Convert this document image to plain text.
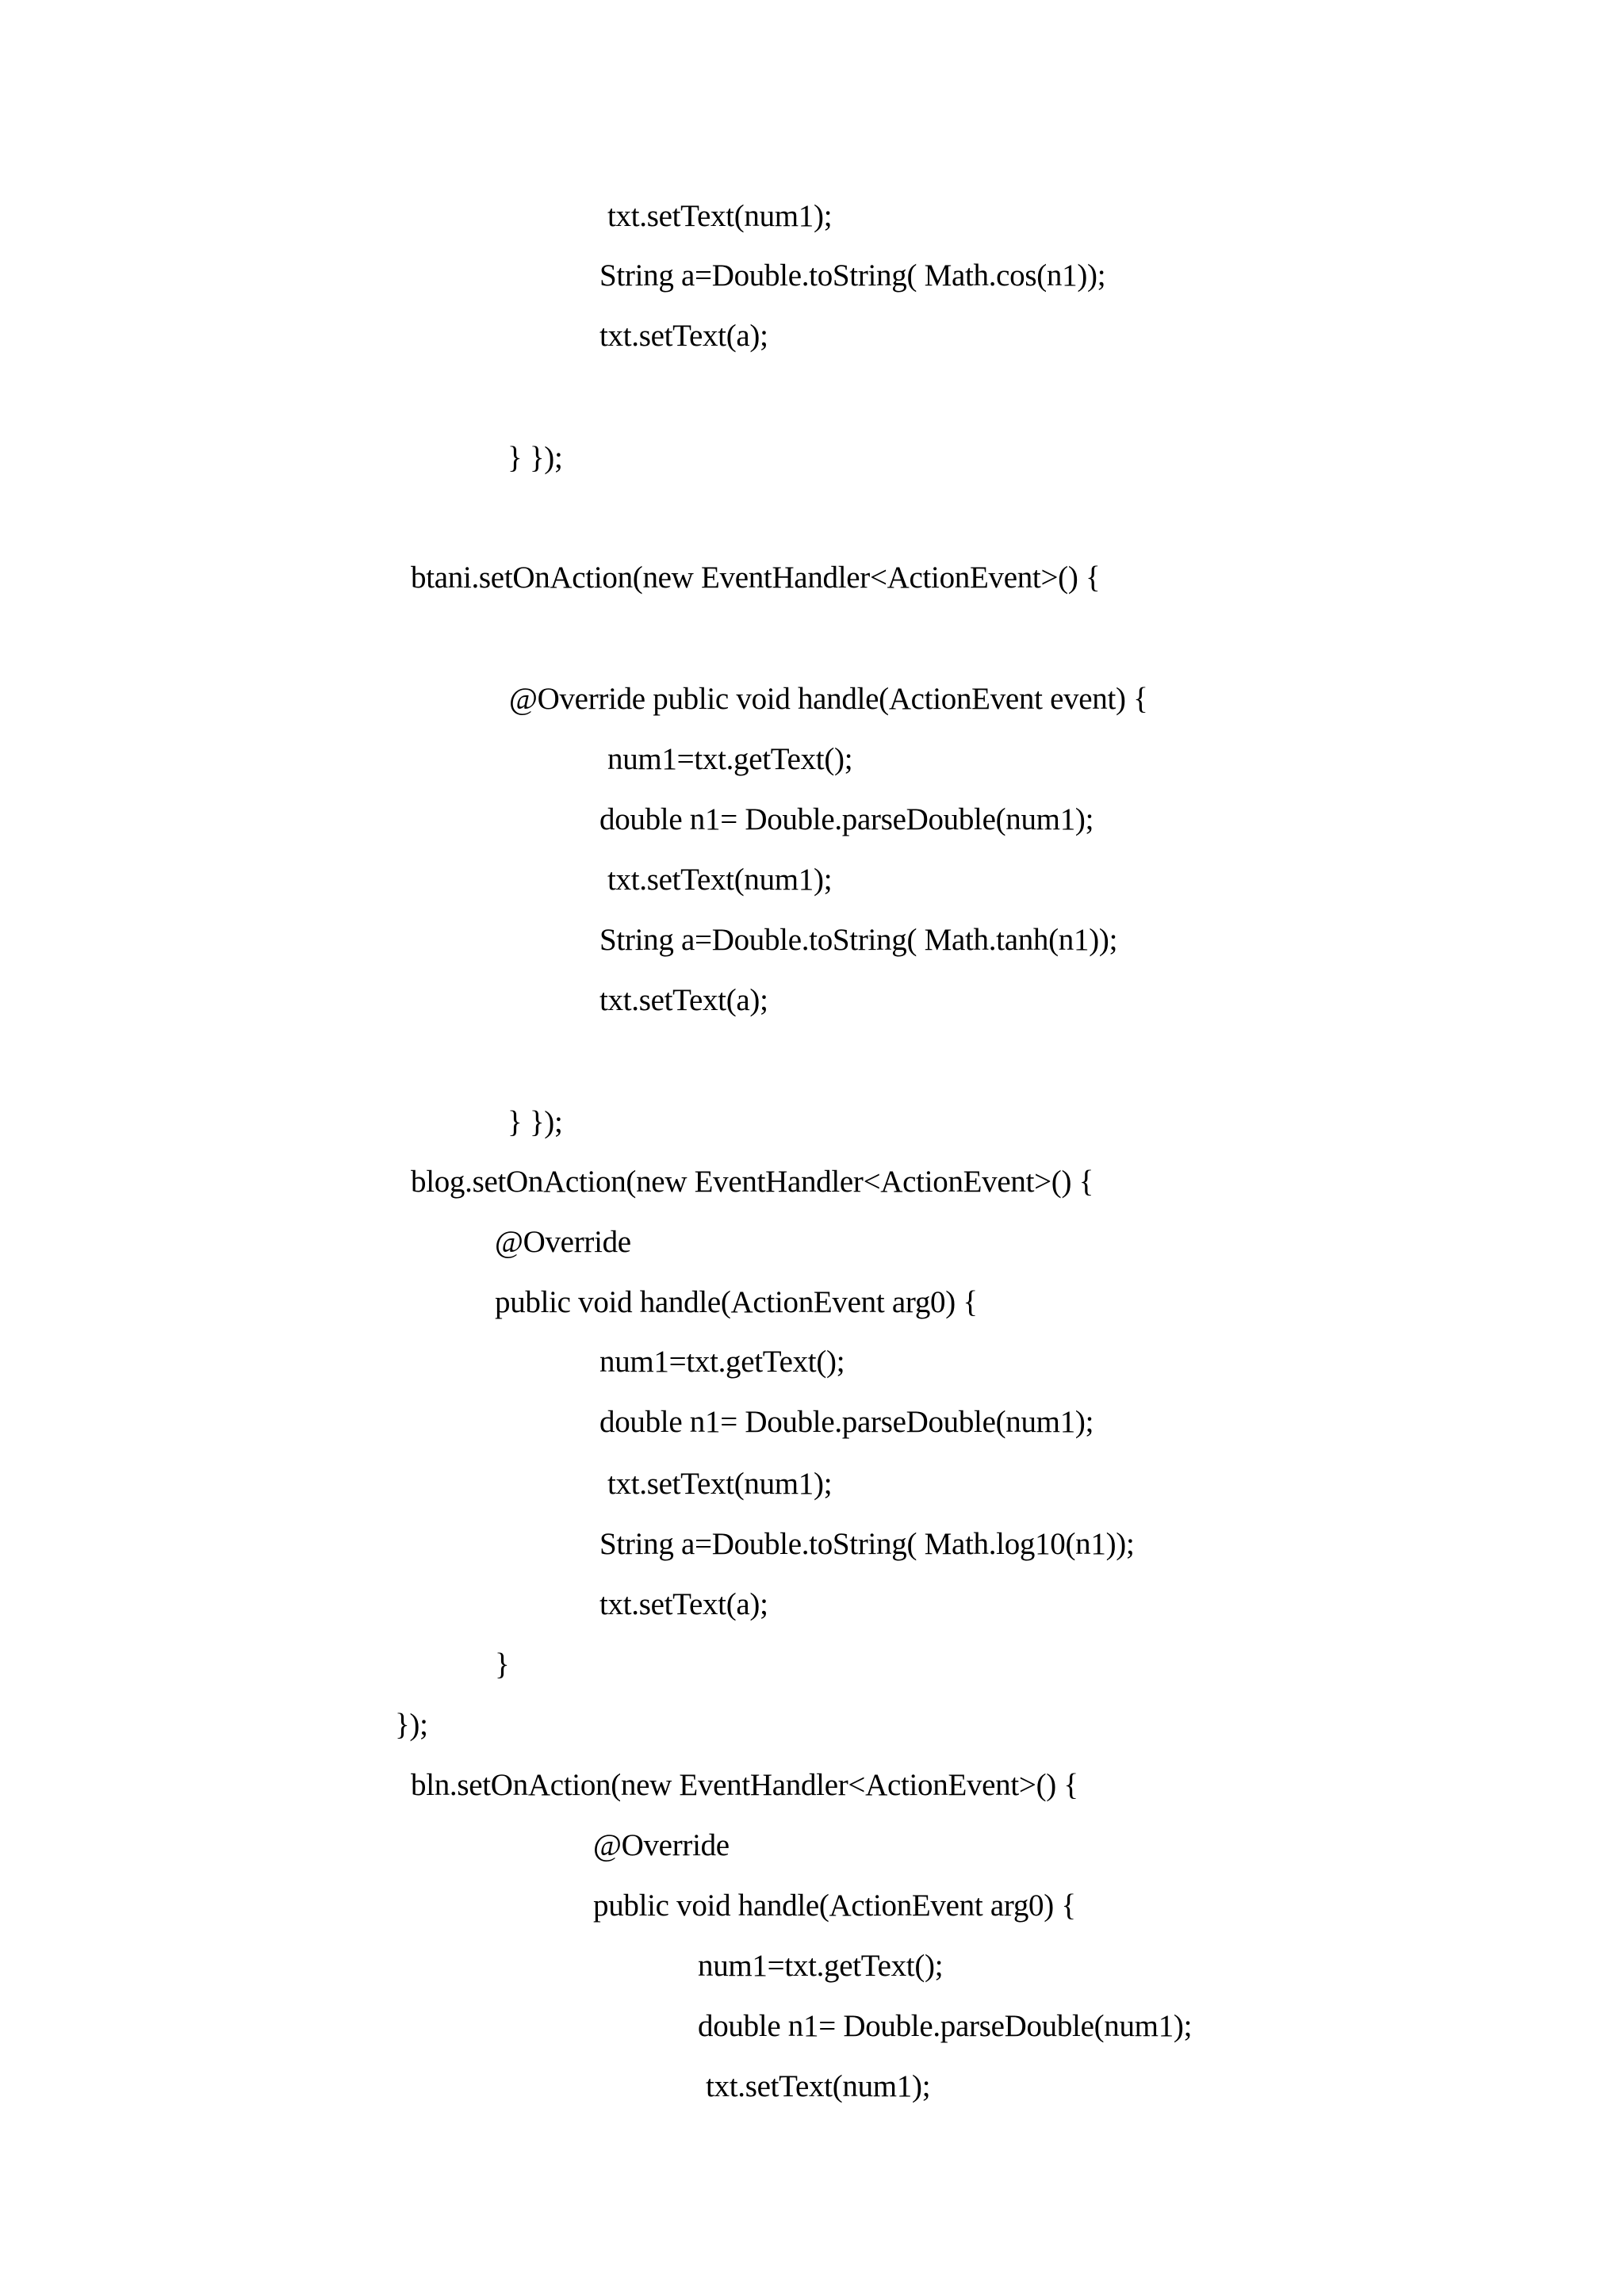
txt.setText(num1);
String a=Double.toString( Math.cos(n1));
txt.setText(a);
} });
btani.setOnAction(new EventHandler<ActionEvent>() {
@Override public void handle(ActionEvent event) {
num1=txt.getText();
double n1= Double.parseDouble(num1);
txt.setText(num1);
String a=Double.toString( Math.tanh(n1));
txt.setText(a);
} });
blog.setOnAction(new EventHandler<ActionEvent>() {
@Override
public void handle(ActionEvent arg0) {
num1=txt.getText();
double n1= Double.parseDouble(num1);
txt.setText(num1);
String a=Double.toString( Math.log10(n1));
txt.setText(a);
}
});
bln.setOnAction(new EventHandler<ActionEvent>() {
@Override
public void handle(ActionEvent arg0) {
num1=txt.getText();
double n1= Double.parseDouble(num1);
txt.setText(num1);
